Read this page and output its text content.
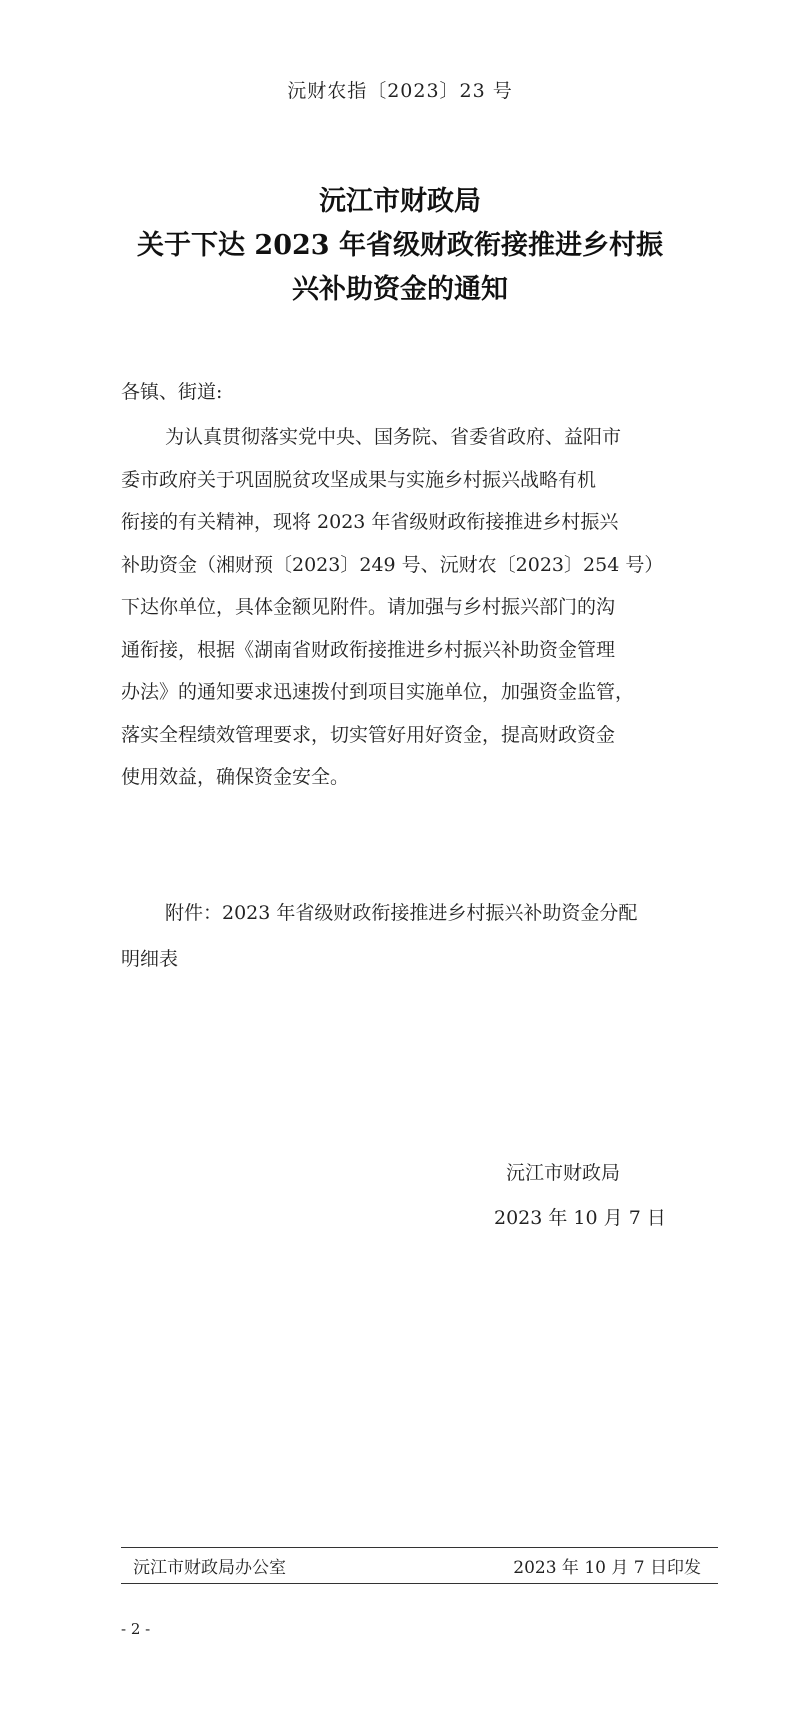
沅财农指〔2023〕23 号
沅江市财政局
关于下达 2023 年省级财政衔接推进乡村振
兴补助资金的通知
各镇、街道:
为认真贯彻落实党中央、国务院、省委省政府、益阳市
委市政府关于巩固脱贫攻坚成果与实施乡村振兴战略有机
衔接的有关精神，现将 2023 年省级财政衔接推进乡村振兴
补助资金（湘财预〔2023〕249 号、沅财农〔2023〕254 号）
下达你单位，具体金额见附件。请加强与乡村振兴部门的沟
通衔接，根据《湖南省财政衔接推进乡村振兴补助资金管理
办法》的通知要求迅速拨付到项目实施单位，加强资金监管，
落实全程绩效管理要求，切实管好用好资金，提高财政资金
使用效益，确保资金安全。
附件：2023 年省级财政衔接推进乡村振兴补助资金分配
明细表
沅江市财政局
2023 年 10 月 7 日
沅江市财政局办公室	2023 年 10 月 7 日印发
- 2 -
